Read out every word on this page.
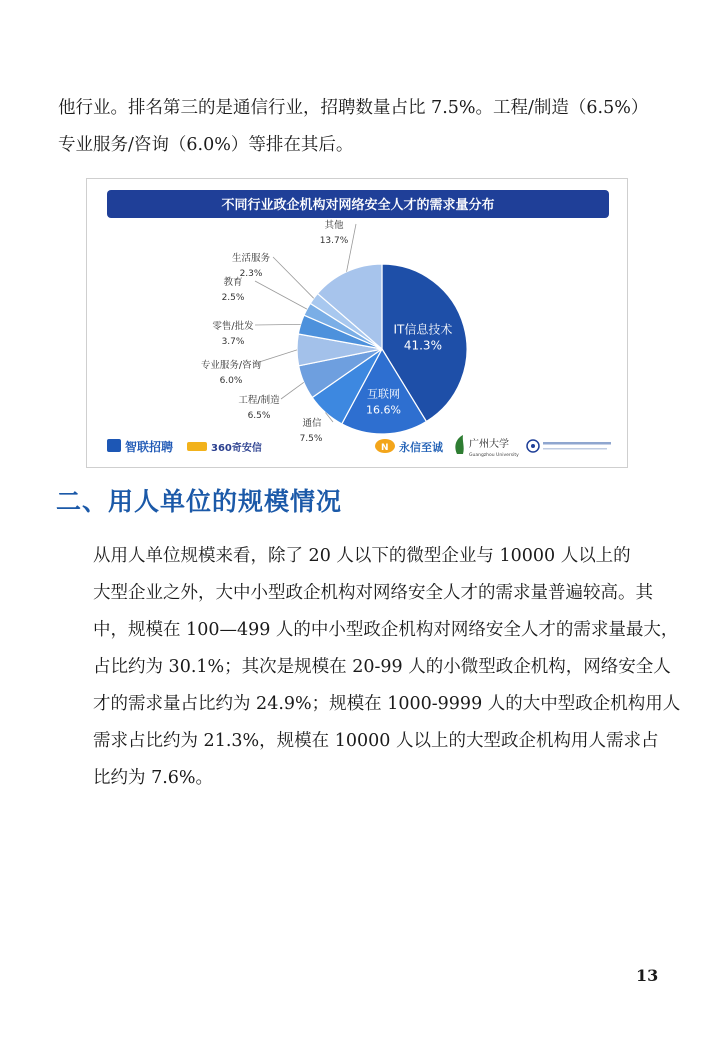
他行业。排名第三的是通信行业，招聘数量占比 7.5%。工程/制造（6.5%）
专业服务/咨询（6.0%）等排在其后。

不同行业政企机构对网络安全人才的需求量分布
通信
7.5%
工程/制造
6.5%
专业服务/咨询
6.0%
零售/批发
3.7%
教育
2.5%
生活服务
2.3%
其他
13.7%
IT信息技术
41.3%
互联网
16.6%
智联招聘	360奇安信	N 永信至诚	广州大学
Guangzhou University
二、用人单位的规模情况

从用人单位规模来看，除了 20 人以下的微型企业与 10000 人以上的
大型企业之外，大中小型政企机构对网络安全人才的需求量普遍较高。其
中，规模在 100—499 人的中小型政企机构对网络安全人才的需求量最大，
占比约为 30.1%；其次是规模在 20-99 人的小微型政企机构，网络安全人
才的需求量占比约为 24.9%；规模在 1000-9999 人的大中型政企机构用人
需求占比约为 21.3%，规模在 10000 人以上的大型政企机构用人需求占
比约为 7.6%。

13
